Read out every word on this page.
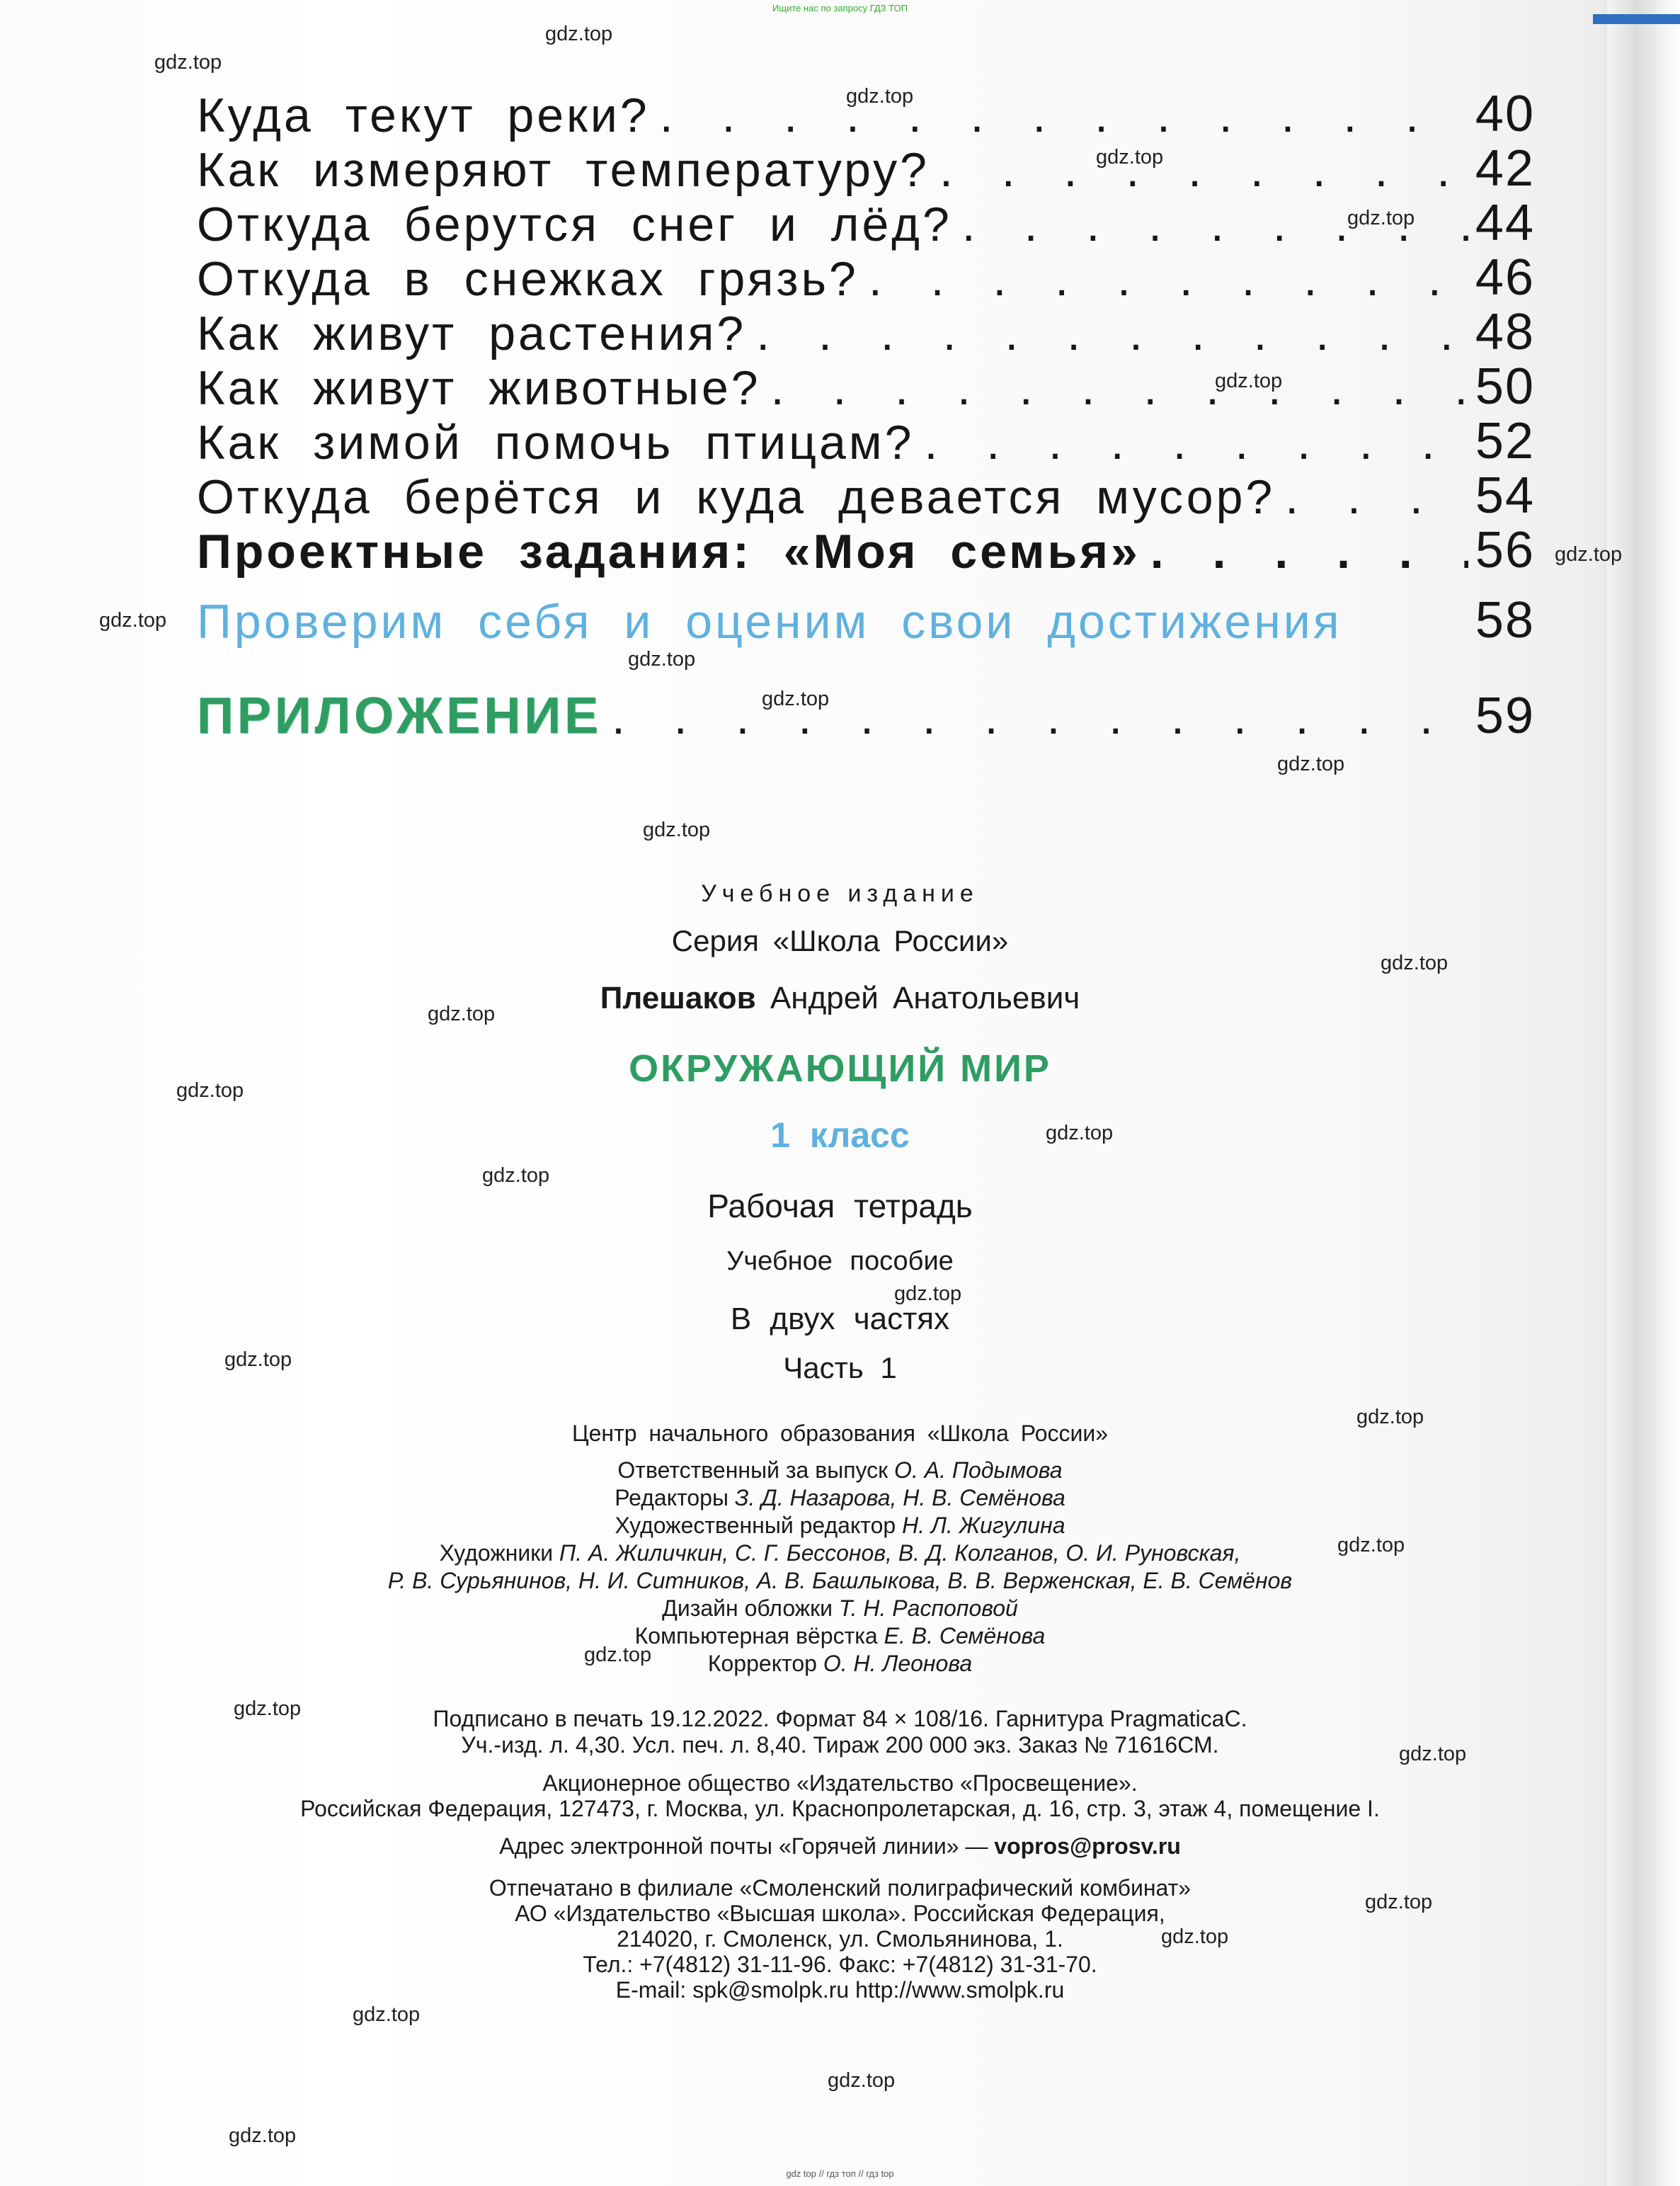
Ищите нас по запросу ГДЗ ТОП
Куда текут реки? . . .	40
Как измеряют температуру? . . .	42
Откуда берутся снег и лёд? . . .	44
Откуда в снежках грязь? . . .	46
Как живут растения? . . .	48
Как живут животные? . . .	50
Как зимой помочь птицам? . . .	52
Откуда берётся и куда девается мусор? . . .	54
Проектные задания: «Моя семья» . . .	56
Проверим себя и оценим свои достижения	58
ПРИЛОЖЕНИЕ . . .	59
Учебное издание
Серия «Школа России»
Плешаков Андрей Анатольевич
ОКРУЖАЮЩИЙ МИР
1 класс
Рабочая тетрадь
Учебное пособие
В двух частях
Часть 1
Центр начального образования «Школа России»
Ответственный за выпуск О. А. Подымова
Редакторы З. Д. Назарова, Н. В. Семёнова
Художественный редактор Н. Л. Жигулина
Художники П. А. Жиличкин, С. Г. Бессонов, В. Д. Колганов, О. И. Руновская,
Р. В. Сурьянинов, Н. И. Ситников, А. В. Башлыкова, В. В. Верженская, Е. В. Семёнов
Дизайн обложки Т. Н. Распоповой
Компьютерная вёрстка Е. В. Семёнова
Корректор О. Н. Леонова
Подписано в печать 19.12.2022. Формат 84 × 108/16. Гарнитура PragmaticaC.
Уч.-изд. л. 4,30. Усл. печ. л. 8,40. Тираж 200 000 экз. Заказ № 71616СМ.
Акционерное общество «Издательство «Просвещение».
Российская Федерация, 127473, г. Москва, ул. Краснопролетарская, д. 16, стр. 3, этаж 4, помещение I.
Адрес электронной почты «Горячей линии» — vopros@prosv.ru
Отпечатано в филиале «Смоленский полиграфический комбинат»
АО «Издательство «Высшая школа». Российская Федерация,
214020, г. Смоленск, ул. Смольянинова, 1.
Тел.: +7(4812) 31-11-96. Факс: +7(4812) 31-31-70.
E-mail: spk@smolpk.ru http://www.smolpk.ru
gdz.top
gdz.top
gdz.top
gdz.top
gdz.top
gdz.top
gdz.top
gdz.top
gdz.top
gdz.top
gdz.top
gdz.top
gdz.top
gdz.top
gdz.top
gdz.top
gdz.top
gdz.top
gdz.top
gdz.top
gdz.top
gdz.top
gdz.top
gdz.top
gdz.top
gdz.top
gdz.top
gdz.top
gdz.top
gdz top // гдз топ // гдз top
